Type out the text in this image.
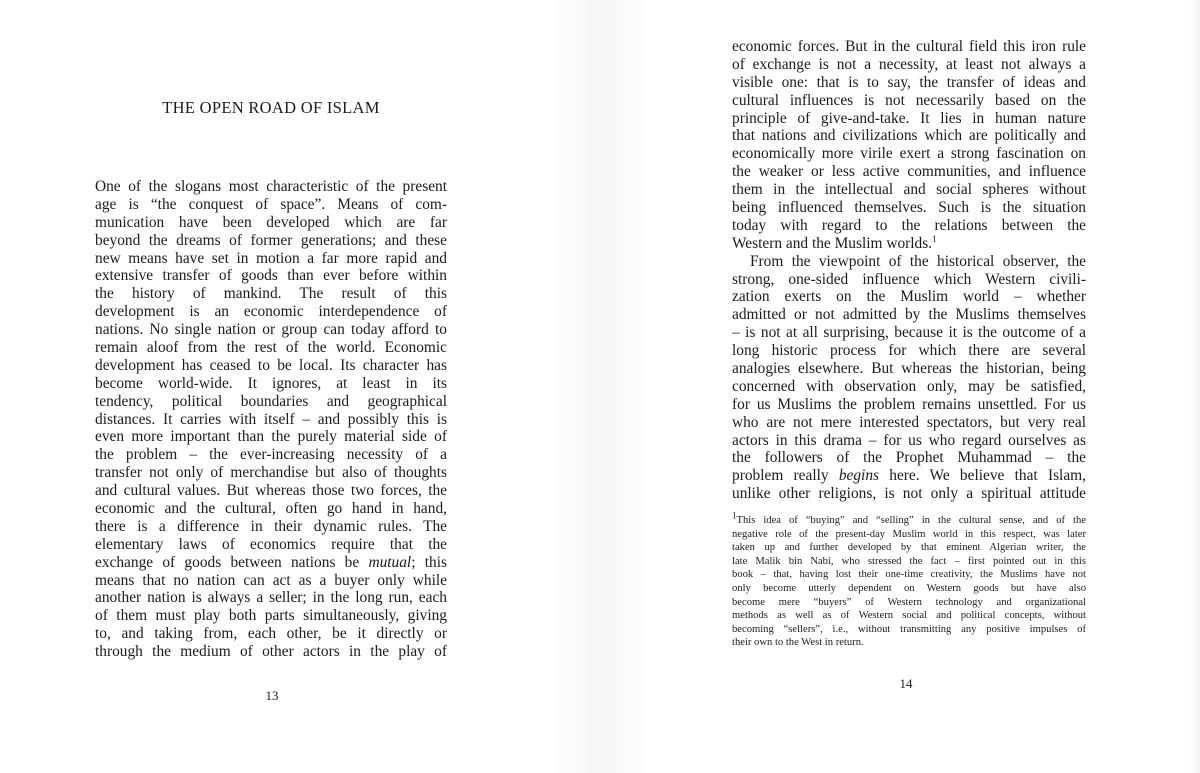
THE OPEN ROAD OF ISLAM
One of the slogans most characteristic of the present
age is “the conquest of space”. Means of com-
munication have been developed which are far
beyond the dreams of former generations; and these
new means have set in motion a far more rapid and
extensive transfer of goods than ever before within
the history of mankind. The result of this
development is an economic interdependence of
nations. No single nation or group can today afford to
remain aloof from the rest of the world. Economic
development has ceased to be local. Its character has
become world-wide. It ignores, at least in its
tendency, political boundaries and geographical
distances. It carries with itself – and possibly this is
even more important than the purely material side of
the problem – the ever-increasing necessity of a
transfer not only of merchandise but also of thoughts
and cultural values. But whereas those two forces, the
economic and the cultural, often go hand in hand,
there is a difference in their dynamic rules. The
elementary laws of economics require that the
exchange of goods between nations be mutual; this
means that no nation can act as a buyer only while
another nation is always a seller; in the long run, each
of them must play both parts simultaneously, giving
to, and taking from, each other, be it directly or
through the medium of other actors in the play of
13
economic forces. But in the cultural field this iron rule
of exchange is not a necessity, at least not always a
visible one: that is to say, the transfer of ideas and
cultural influences is not necessarily based on the
principle of give-and-take. It lies in human nature
that nations and civilizations which are politically and
economically more virile exert a strong fascination on
the weaker or less active communities, and influence
them in the intellectual and social spheres without
being influenced themselves. Such is the situation
today with regard to the relations between the
Western and the Muslim worlds.$^1$
From the viewpoint of the historical observer, the
strong, one-sided influence which Western civili-
zation exerts on the Muslim world – whether
admitted or not admitted by the Muslims themselves
– is not at all surprising, because it is the outcome of a
long historic process for which there are several
analogies elsewhere. But whereas the historian, being
concerned with observation only, may be satisfied,
for us Muslims the problem remains unsettled. For us
who are not mere interested spectators, but very real
actors in this drama – for us who regard ourselves as
the followers of the Prophet Muhammad – the
problem really begins here. We believe that Islam,
unlike other religions, is not only a spiritual attitude
$^1$This idea of “buying” and “selling” in the cultural sense, and of the
negative role of the present-day Muslim world in this respect, was later
taken up and further developed by that eminent Algerian writer, the
late Malik bin Nabi, who stressed the fact – first pointed out in this
book – that, having lost their one-time creativity, the Muslims have not
only become utterly dependent on Western goods but have also
become mere “buyers” of Western technology and organizational
methods as well as of Western social and political concepts, without
becoming “sellers”, i.e., without transmitting any positive impulses of
their own to the West in return.
14
